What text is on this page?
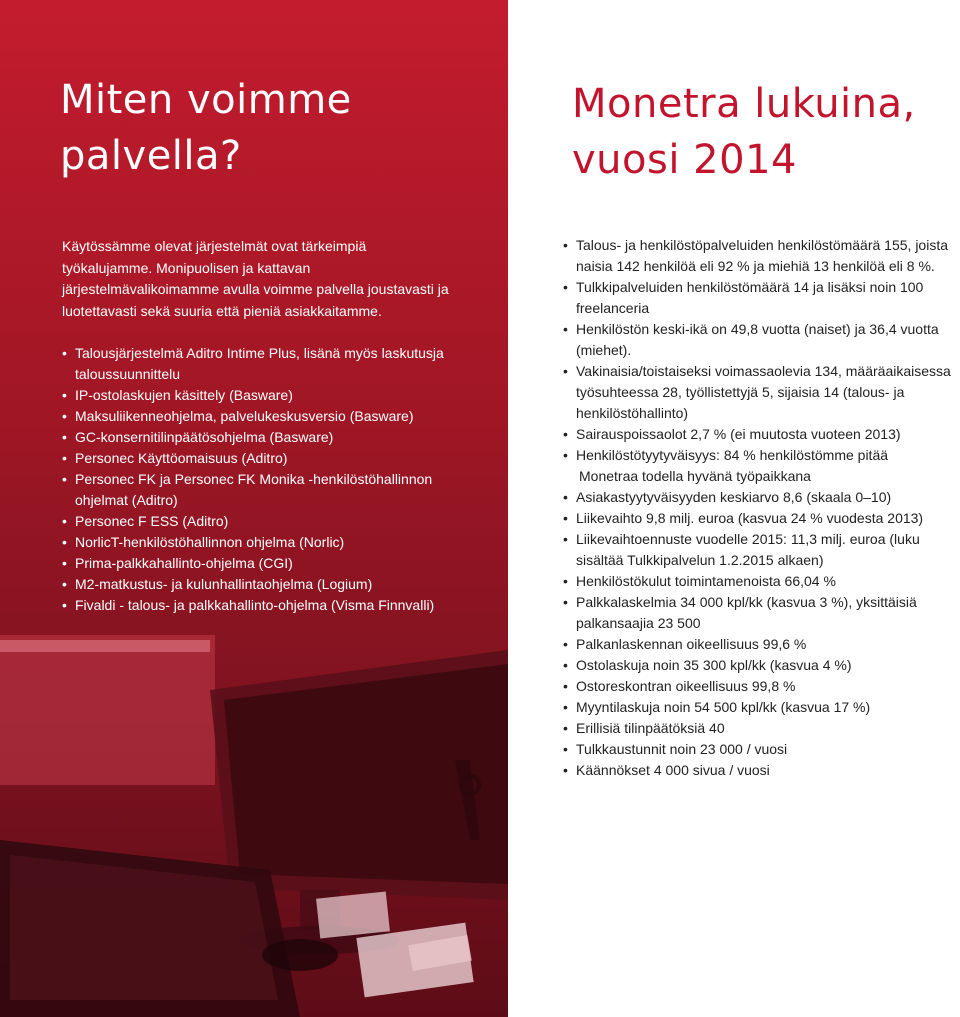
Miten voimme
palvella?

Käytössämme olevat järjestelmät ovat tärkeimpiä työkalujamme. Monipuolisen ja kattavan järjestelmävalikoimamme avulla voimme palvella joustavasti ja luotettavasti sekä suuria että pieniä asiakkaitamme.

• Talousjärjestelmä Aditro Intime Plus, lisänä myös laskutusja taloussuunnittelu
• IP-ostolaskujen käsittely (Basware)
• Maksuliikenneohjelma, palvelukeskusversio (Basware)
• GC-konsernitilinpäätösohjelma (Basware)
• Personec Käyttöomaisuus (Aditro)
• Personec FK ja Personec FK Monika -henkilöstöhallinnon ohjelmat (Aditro)
• Personec F ESS (Aditro)
• NorlicT-henkilöstöhallinnon ohjelma (Norlic)
• Prima-palkkahallinto-ohjelma (CGI)
• M2-matkustus- ja kulunhallintaohjelma (Logium)
• Fivaldi - talous- ja palkkahallinto-ohjelma (Visma Finnvalli)
Monetra lukuina,
vuosi 2014
• Talous- ja henkilöstöpalveluiden henkilöstömäärä 155, joista naisia 142 henkilöä eli 92 % ja miehiä 13 henkilöä eli 8 %.
• Tulkkipalveluiden henkilöstömäärä 14 ja lisäksi noin 100 freelanceria
• Henkilöstön keski-ikä on 49,8 vuotta (naiset) ja 36,4 vuotta (miehet).
• Vakinaisia/toistaiseksi voimassaolevia 134, määräaikaisessa työsuhteessa 28, työllistettyjä 5, sijaisia 14 (talous- ja henkilöstöhallinto)
• Sairauspoissaolot 2,7 % (ei muutosta vuoteen 2013)
• Henkilöstötyytyväisyys: 84 % henkilöstömme pitää
Monetraa todella hyvänä työpaikkana
• Asiakastyytyväisyyden keskiarvo 8,6 (skaala 0–10)
• Liikevaihto 9,8 milj. euroa (kasvua 24 % vuodesta 2013)
• Liikevaihtoennuste vuodelle 2015: 11,3 milj. euroa (luku sisältää Tulkkipalvelun 1.2.2015 alkaen)
• Henkilöstökulut toimintamenoista 66,04 %
• Palkkalaskelmia 34 000 kpl/kk (kasvua 3 %), yksittäisiä palkansaajia 23 500
• Palkanlaskennan oikeellisuus 99,6 %
• Ostolaskuja noin 35 300 kpl/kk (kasvua 4 %)
• Ostoreskontran oikeellisuus 99,8 %
• Myyntilaskuja noin 54 500 kpl/kk (kasvua 17 %)
• Erillisiä tilinpäätöksiä 40
• Tulkkaustunnit noin 23 000 / vuosi
• Käännökset 4 000 sivua / vuosi
